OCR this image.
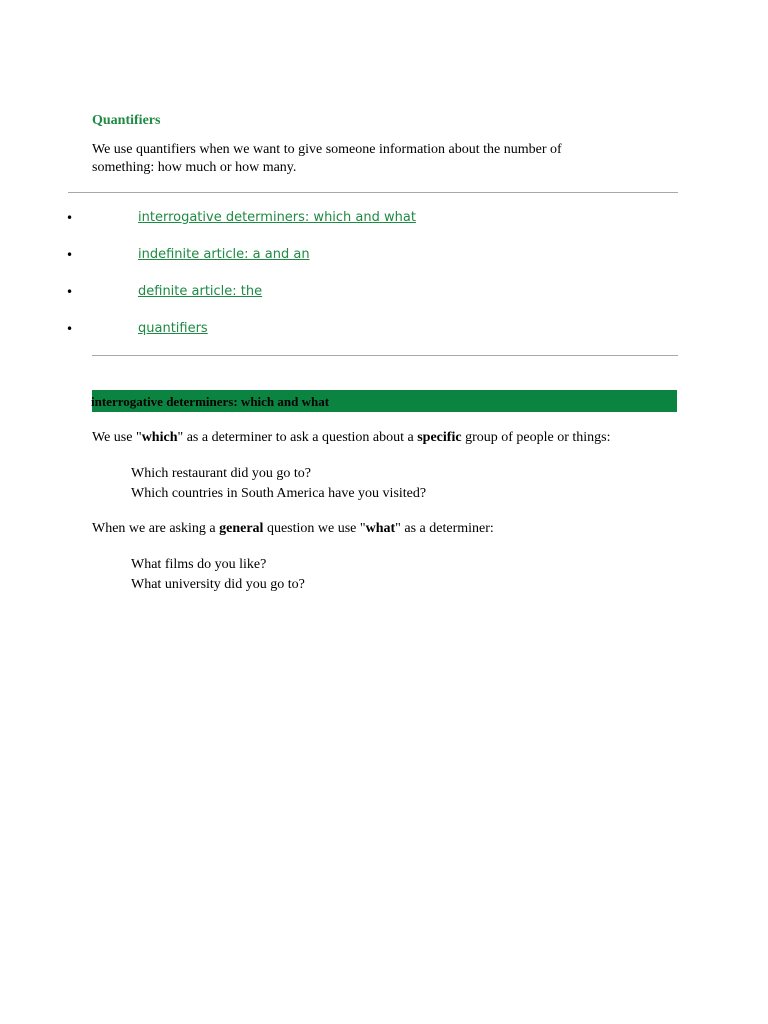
Quantifiers

We use quantifiers when we want to give someone information about the number of
something: how much or how many.

•	interrogative determiners: which and what
•	indefinite article: a and an
•	definite article: the
•	quantifiers
interrogative determiners: which and what

We use "which" as a determiner to ask a question about a specific group of people or things:

Which restaurant did you go to?
Which countries in South America have you visited?

When we are asking a general question we use "what" as a determiner:

What films do you like?
What university did you go to?
